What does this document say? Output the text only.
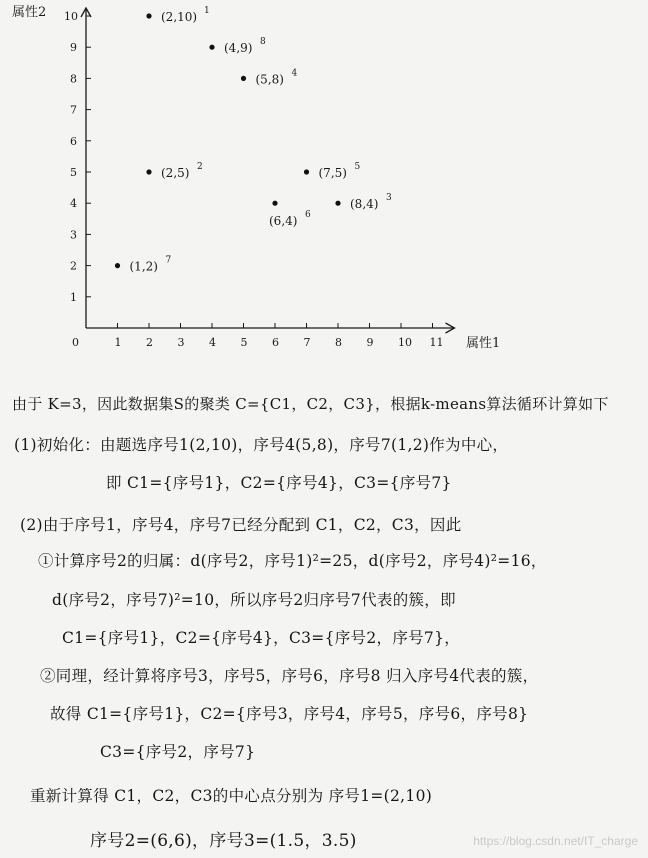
0	1 2 3 4 5 6 7 8 9 10 11
1
2
3
4
5
6
7
8
9
10	(2,10) 1
(4,9) 8
(5,8) 4
(2,5) 2	(7,5) 5
(6,4) 6
(8,4) 3
(1,2) 7
属性2
属性1
由于 K=3，因此数据集S的聚类 C={C1，C2，C3}，根据k-means算法循环计算如下
(1)初始化：由题选序号1(2,10)，序号4(5,8)，序号7(1,2)作为中心，
即 C1={序号1}，C2={序号4}，C3={序号7}
(2)由于序号1，序号4，序号7已经分配到 C1，C2，C3，因此
①计算序号2的归属：d(序号2，序号1)²=25，d(序号2，序号4)²=16，
d(序号2，序号7)²=10，所以序号2归序号7代表的簇，即
C1={序号1}，C2={序号4}，C3={序号2，序号7}，
②同理，经计算将序号3，序号5，序号6，序号8 归入序号4代表的簇，
故得 C1={序号1}，C2={序号3，序号4，序号5，序号6，序号8}
C3={序号2，序号7}
重新计算得 C1，C2，C3的中心点分别为 序号1=(2,10)
序号2=(6,6)，序号3=(1.5，3.5)	https://blog.csdn.net/IT_charge
